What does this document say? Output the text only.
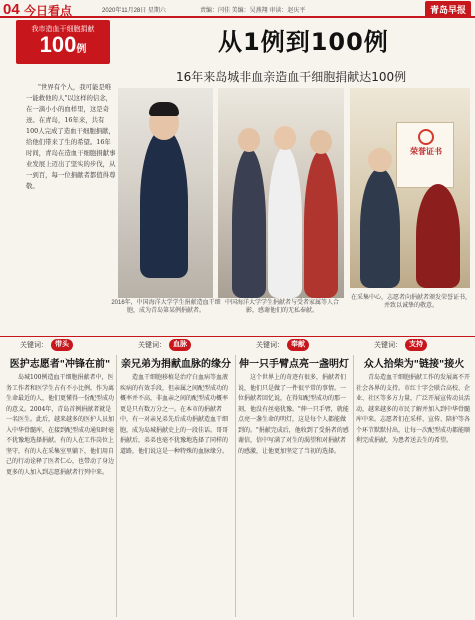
04 今日看点	2020年11月28日 星期六	责编：闫佳 美编：吴燕翔 审读：赵庆平	青岛早报
我市造血干细胞捐献
100例	从1例到100例
16年来岛城非血亲造血干细胞捐献达100例
"世界有个人，我可能是唯一能救他的人"以这样的信念，在一滴小小的血样里，这是奇迹。在青岛，16年来，共有100人完成了造血干细胞捐献，给他们带来了生的希望。16年时间，青岛在造血干细胞捐献事业发展上迈出了坚实的步伐，从一到百，每一位捐献者都值得尊敬。
荣誉证书
2016年，中国海洋大学学生捐献造血干细胞，成为青岛第某例捐献者。
中国海洋大学学生捐献者与受者家属等人合影，感谢他们的无私奉献。
在采集中心，志愿者向捐献者颁发荣誉证书，并致以诚挚的敬意。
关键词：	带头	关键词：	血脉	关键词：	奉献	关键词：	支持
医护志愿者"冲锋在前"

岛城100例造血干细胞捐献者中，医务工作者和医学生占有不小比例。作为离生命最近的人，他们更懂得一份配型成功的意义。2004年，青岛首例捐献者就是一名医生。此后，越来越多的医护人员加入中华骨髓库，在接到配型成功通知时毫不犹豫地选择捐献。有的人在工作岗位上坚守，有的人在采集室里躺下，他们用自己的行动诠释了医者仁心，也带动了身边更多的人加入到志愿捐献者行列中来。

亲兄弟为捐献血脉的缘分

造血干细胞移植是治疗白血病等血液疾病的有效手段，但亲属之间配型成功的概率并不高，非血亲之间的配型成功概率更是只有数万分之一。在本市的捐献者中，有一对亲兄弟先后成功捐献造血干细胞，成为岛城捐献史上的一段佳话。哥哥捐献后，弟弟也毫不犹豫地选择了同样的道路，他们说这是一种特殊的血脉缘分。

伸一只手臂点亮一盏明灯

这个世界上的奇迹有很多，捐献者们说，他们只是做了一件很平常的事情。一位捐献者回忆说，在得知配型成功的那一刻，他没有丝毫犹豫。"伸一只手臂，就能点亮一盏生命的明灯，这是每个人都能做到的。"捐献完成后，他收到了受捐者的感谢信，信中写满了对生的渴望和对捐献者的感激，让他更加坚定了当初的选择。

众人拾柴为"链接"接火

青岛造血干细胞捐献工作的发展离不开社会各界的支持。市红十字会联合高校、企业、社区等多方力量，广泛开展宣传动员活动，越来越多的市民了解并加入到中华骨髓库中来。志愿者们在采样、宣传、陪护等各个环节默默付出，让每一次配型成功都能顺利完成捐献，为患者送去生的希望。
